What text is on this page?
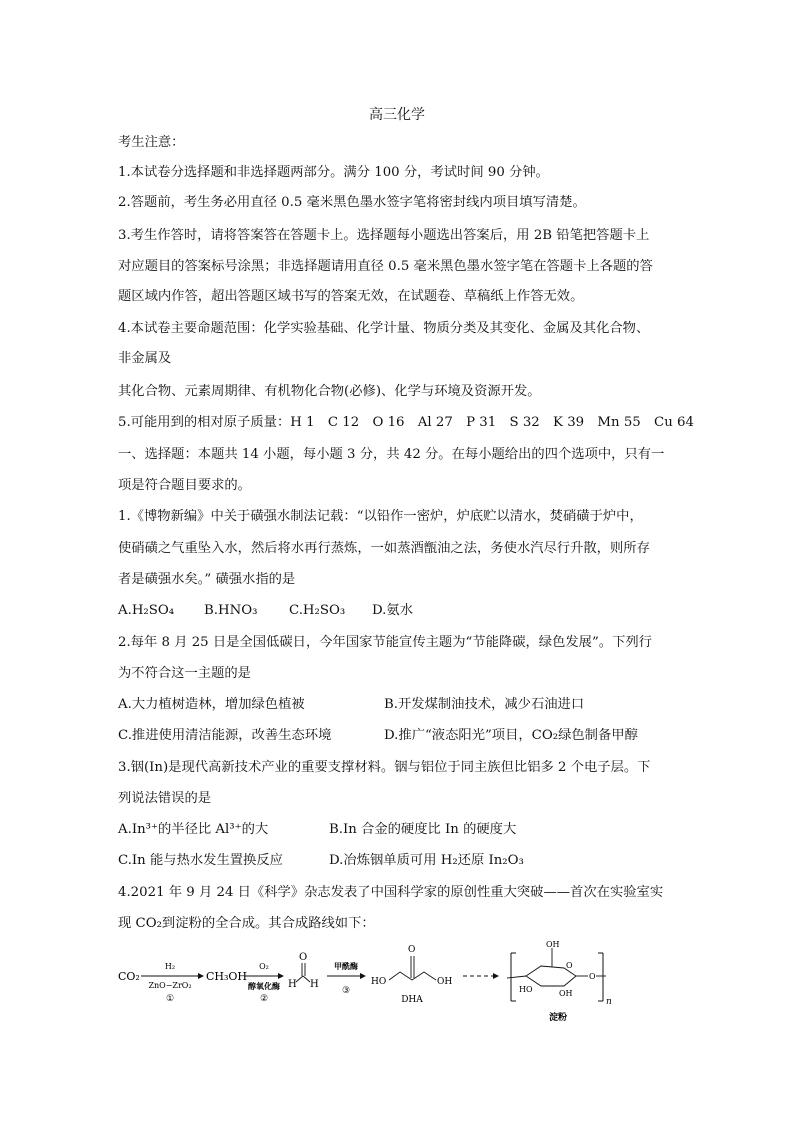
高三化学
考生注意：
1.本试卷分选择题和非选择题两部分。满分 100 分，考试时间 90 分钟。
2.答题前，考生务必用直径 0.5 毫米黑色墨水签字笔将密封线内项目填写清楚。
3.考生作答时，请将答案答在答题卡上。选择题每小题选出答案后，用 2B 铅笔把答题卡上
对应题目的答案标号涂黑；非选择题请用直径 0.5 毫米黑色墨水签字笔在答题卡上各题的答
题区域内作答，超出答题区域书写的答案无效，在试题卷、草稿纸上作答无效。
4.本试卷主要命题范围：化学实验基础、化学计量、物质分类及其变化、金属及其化合物、
非金属及
其化合物、元素周期律、有机物化合物(必修)、化学与环境及资源开发。
5.可能用到的相对原子质量：H 1　C 12　O 16　Al 27　P 31　S 32　K 39　Mn 55　Cu 64
一、选择题：本题共 14 小题，每小题 3 分，共 42 分。在每小题给出的四个选项中，只有一
项是符合题目要求的。
1.《博物新编》中关于磺强水制法记载：“以铅作一密炉，炉底贮以清水，焚硝磺于炉中，
使硝磺之气重坠入水，然后将水再行蒸炼，一如蒸酒甑油之法，务使水汽尽行升散，则所存
者是磺强水矣。” 磺强水指的是
A.H₂SO₄ B.HNO₃ C.H₂SO₃ D.氨水
2.每年 8 月 25 日是全国低碳日，今年国家节能宣传主题为“节能降碳，绿色发展”。下列行
为不符合这一主题的是
A.大力植树造林，增加绿色植被	B.开发煤制油技术，减少石油进口
C.推进使用清洁能源，改善生态环境	D.推广“液态阳光”项目，CO₂绿色制备甲醇
3.铟(In)是现代高新技术产业的重要支撑材料。铟与铝位于同主族但比铝多 2 个电子层。下
列说法错误的是
A.In³⁺的半径比 Al³⁺的大	B.In 合金的硬度比 In 的硬度大
C.In 能与热水发生置换反应	D.冶炼铟单质可用 H₂还原 In₂O₃
4.2021 年 9 月 24 日《科学》杂志发表了中国科学家的原创性重大突破——首次在实验室实
现 CO₂到淀粉的全合成。其合成路线如下：
CO₂
H₂
ZnO−ZrO₂
①
CH₃OH
O₂
醇氧化酶
②
H
O
H
甲酰酶
③
HO
O
OH
DHA
OH
O
O
HO	OH
n
淀粉
